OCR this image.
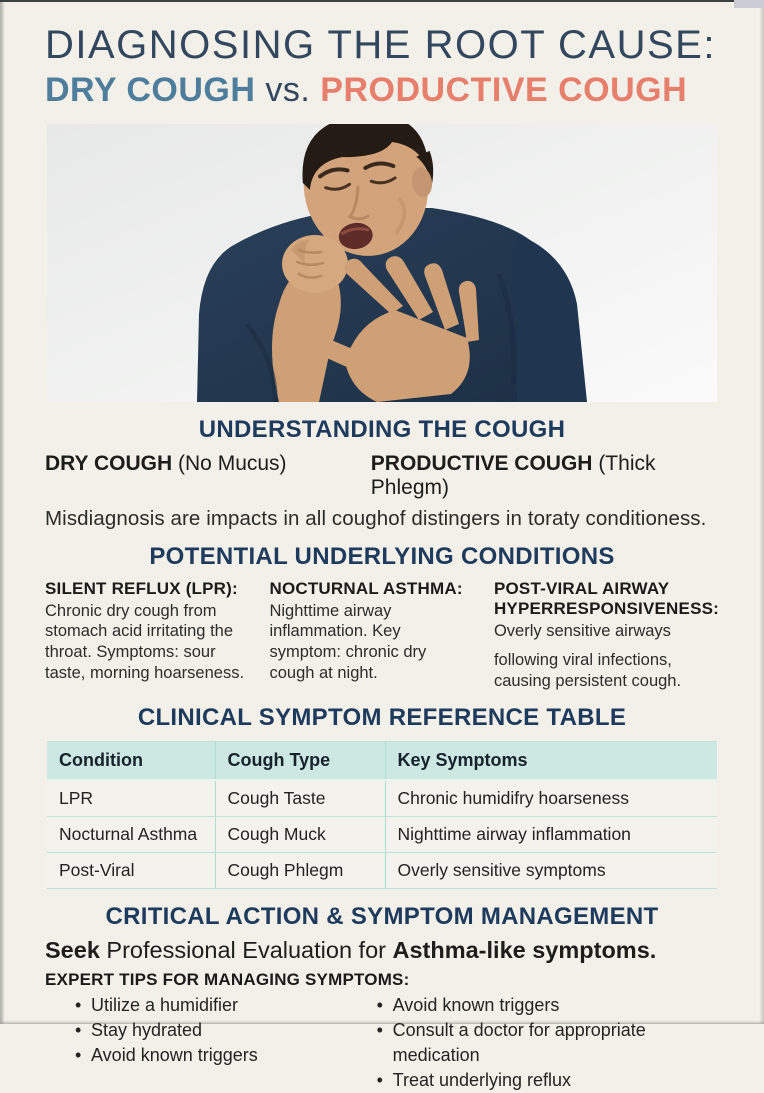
DIAGNOSING THE ROOT CAUSE:
DRY COUGH vs. PRODUCTIVE COUGH
UNDERSTANDING THE COUGH
DRY COUGH (No Mucus)	PRODUCTIVE COUGH (Thick Phlegm)
Misdiagnosis are impacts in all coughof distingers in toraty conditioness.
POTENTIAL UNDERLYING CONDITIONS
SILENT REFLUX (LPR):

Chronic dry cough from stomach acid irritating the throat. Symptoms: sour taste, morning hoarseness.

NOCTURNAL ASTHMA:

Nighttime airway inflammation. Key symptom: chronic dry cough at night.

POST-VIRAL AIRWAY HYPERRESPONSIVENESS:

Overly sensitive airways

following viral infections, causing persistent cough.

CLINICAL SYMPTOM REFERENCE TABLE
Condition	Cough Type	Key Symptoms
LPR	Cough Taste	Chronic humidifry hoarseness
Nocturnal Asthma	Cough Muck	Nighttime airway inflammation
Post-Viral	Cough Phlegm	Overly sensitive symptoms
CRITICAL ACTION & SYMPTOM MANAGEMENT
Seek Professional Evaluation for Asthma-like symptoms.
EXPERT TIPS FOR MANAGING SYMPTOMS:
• Utilize a humidifier
• Stay hydrated
• Avoid known triggers
• Avoid known triggers
• Consult a doctor for appropriate medication
• Treat underlying reflux
